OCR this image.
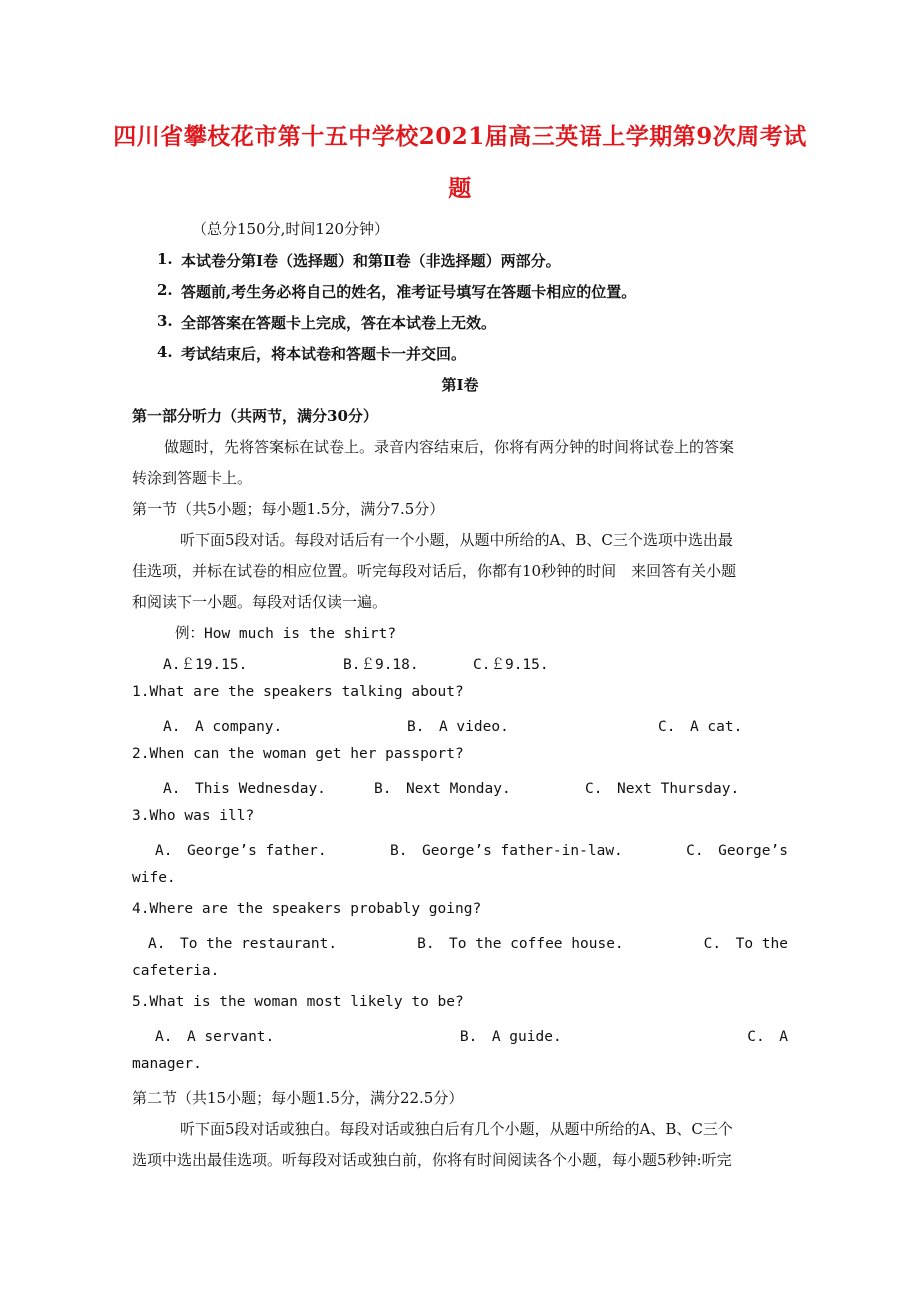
四川省攀枝花市第十五中学校2021届高三英语上学期第9次周考试
题
（总分150分,时间120分钟）
1. 本试卷分第Ⅰ卷（选择题）和第Ⅱ卷（非选择题）两部分。
2. 答题前,考生务必将自己的姓名，准考证号填写在答题卡相应的位置。
3. 全部答案在答题卡上完成，答在本试卷上无效。
4. 考试结束后，将本试卷和答题卡一并交回。
第Ⅰ卷
第一部分听力（共两节，满分30分）
做题时，先将答案标在试卷上。录音内容结束后，你将有两分钟的时间将试卷上的答案
转涂到答题卡上。
第一节（共5小题；每小题1.5分，满分7.5分）
听下面5段对话。每段对话后有一个小题，从题中所给的A、B、C三个选项中选出最
佳选项，并标在试卷的相应位置。听完每段对话后，你都有10秒钟的时间　来回答有关小题
和阅读下一小题。每段对话仅读一遍。
例：How much is the shirt?
A.￡19.15.	B.￡9.18.	C.￡9.15.
1.What are the speakers talking about?
A.　A company.	B.　A video.	C.　A cat.
2.When can the woman get her passport?
A.　This Wednesday.	B.　Next Monday.	C.　Next Thursday.
3.Who was ill?
A.　George’s father.	B.　George’s father-in-law.	C.　George’s
wife.
4.Where are the speakers probably going?
A.　To the restaurant.	B.　To the coffee house.	C.　To the
cafeteria.
5.What is the woman most likely to be?
A.　A servant.	B.　A guide.	C.　A
manager.
第二节（共15小题；每小题1.5分，满分22.5分）
听下面5段对话或独白。每段对话或独白后有几个小题，从题中所给的A、B、C三个
选项中选出最佳选项。听每段对话或独白前，你将有时间阅读各个小题，每小题5秒钟:听完
